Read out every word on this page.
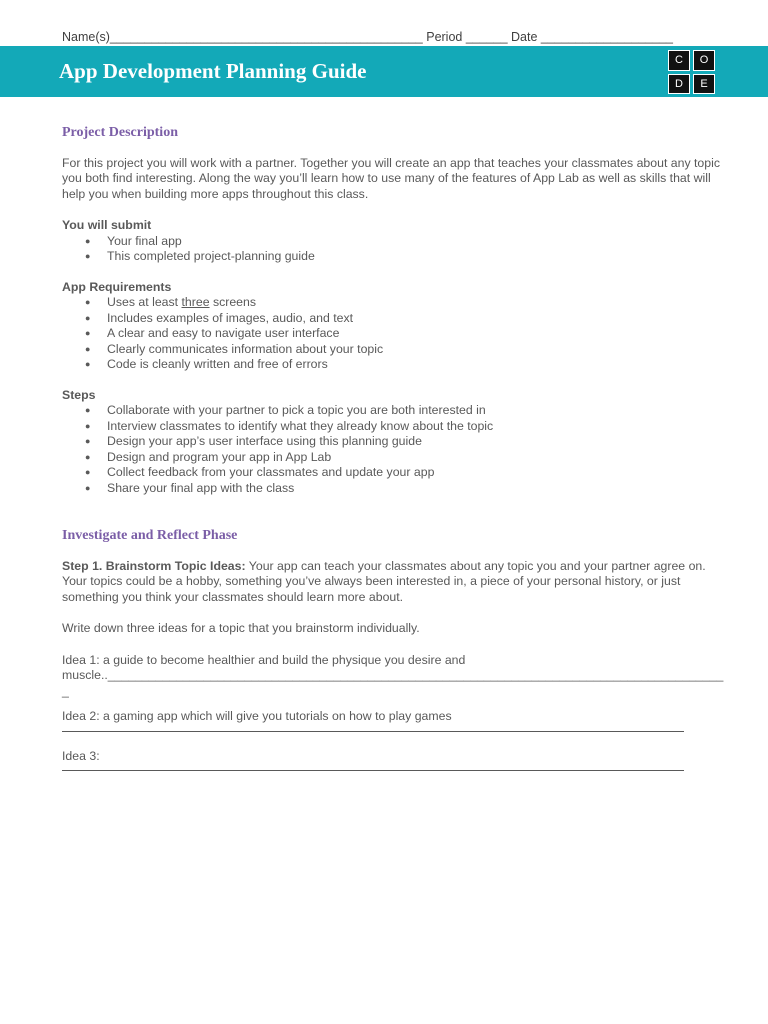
Name(s)_____________________________________________ Period ______ Date ___________________
App Development Planning Guide	C	O
D	E
Project Description

For this project you will work with a partner. Together you will create an app that teaches your classmates about any topic you both find interesting. Along the way you’ll learn how to use many of the features of App Lab as well as skills that will help you when building more apps throughout this class.

You will submit

● Your final app
● This completed project-planning guide

App Requirements

● Uses at least three screens
● Includes examples of images, audio, and text
● A clear and easy to navigate user interface
● Clearly communicates information about your topic
● Code is cleanly written and free of errors

Steps

● Collaborate with your partner to pick a topic you are both interested in
● Interview classmates to identify what they already know about the topic
● Design your app’s user interface using this planning guide
● Design and program your app in App Lab
● Collect feedback from your classmates and update your app
● Share your final app with the class
Investigate and Reflect Phase

Step 1. Brainstorm Topic Ideas: Your app can teach your classmates about any topic you and your partner agree on. Your topics could be a hobby, something you’ve always been interested in, a piece of your personal history, or just something you think your classmates should learn more about.

Write down three ideas for a topic that you brainstorm individually.

Idea 1: a guide to become healthier and build the physique you desire and

muscle..__________________________________________________________________________________________

_

Idea 2: a gaming app which will give you tutorials on how to play games

Idea 3:
